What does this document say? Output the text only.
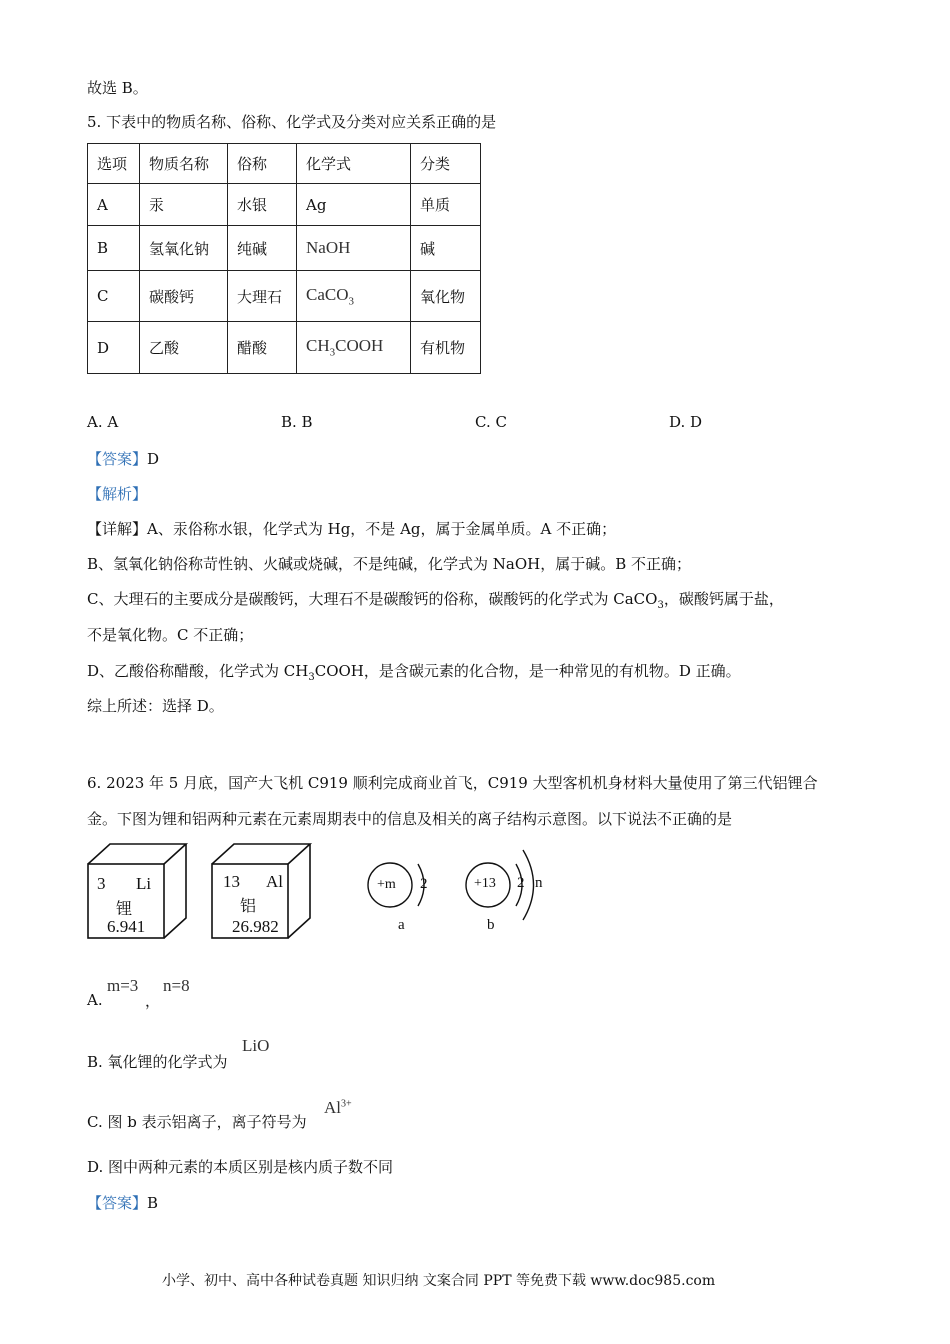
故选 B。
5. 下表中的物质名称、俗称、化学式及分类对应关系正确的是
选项	物质名称	俗称	化学式	分类
A	汞	水银	Ag	单质
B	氢氧化钠	纯碱	NaOH	碱
C	碳酸钙	大理石	CaCO$_3$	氧化物
D	乙酸	醋酸	$CH_3COOH$	有机物
A. A	B. B	C. C	D. D
【答案】D
【解析】
【详解】A、汞俗称水银，化学式为 Hg，不是 Ag，属于金属单质。A 不正确；
B、氢氧化钠俗称苛性钠、火碱或烧碱，不是纯碱，化学式为 NaOH，属于碱。B 不正确；
C、大理石的主要成分是碳酸钙，大理石不是碳酸钙的俗称，碳酸钙的化学式为 CaCO$_3$，碳酸钙属于盐，
不是氧化物。C 不正确；
D、乙酸俗称醋酸，化学式为 $CH_3COOH$，是含碳元素的化合物，是一种常见的有机物。D 正确。
综上所述：选择 D。
6. 2023 年 5 月底，国产大飞机 C919 顺利完成商业首飞，C919 大型客机机身材料大量使用了第三代铝锂合
金。下图为锂和铝两种元素在元素周期表中的信息及相关的离子结构示意图。以下说法不正确的是
3 Li
锂
6.941
13 Al
铝
26.982
+m 2
a
+13 2 n
b
A.
m=3
，
n=8
B. 氧化锂的化学式为
LiO
C. 图 b 表示铝离子，离子符号为
$Al^{3+}$
D. 图中两种元素的本质区别是核内质子数不同
【答案】B
小学、初中、高中各种试卷真题 知识归纳 文案合同 PPT 等免费下载 www.doc985.com
